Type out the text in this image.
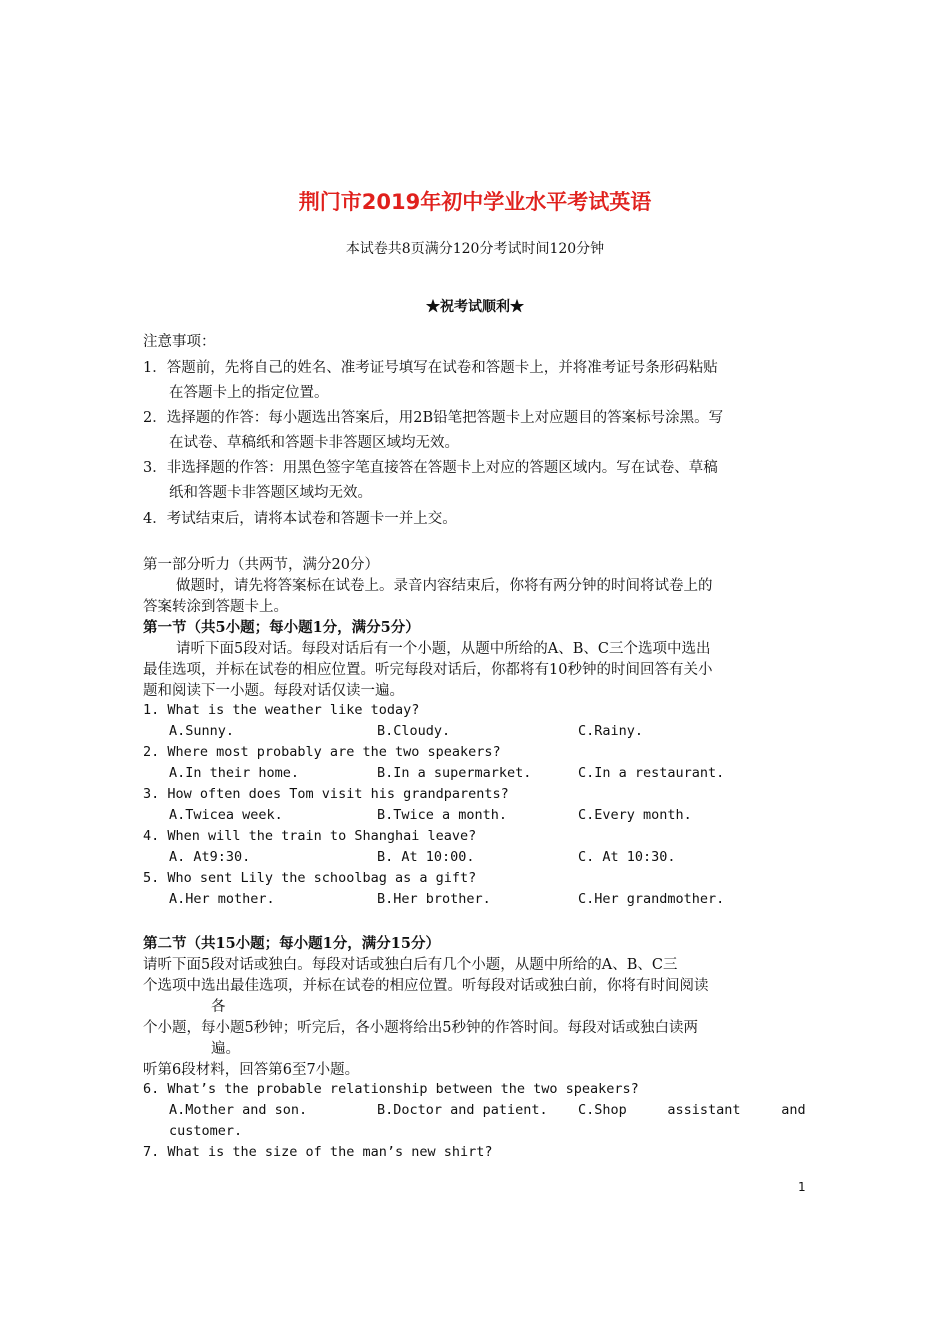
荆门市2019年初中学业水平考试英语
本试卷共8页满分120分考试时间120分钟
★祝考试顺利★
注意事项：
1．答题前，先将自己的姓名、准考证号填写在试卷和答题卡上，并将准考证号条形码粘贴
在答题卡上的指定位置。
2．选择题的作答：每小题选出答案后，用2B铅笔把答题卡上对应题目的答案标号涂黑。写
在试卷、草稿纸和答题卡非答题区域均无效。
3．非选择题的作答：用黑色签字笔直接答在答题卡上对应的答题区域内。写在试卷、草稿
纸和答题卡非答题区域均无效。
4．考试结束后，请将本试卷和答题卡一并上交。
第一部分听力（共两节，满分20分）
做题时，请先将答案标在试卷上。录音内容结束后，你将有两分钟的时间将试卷上的
答案转涂到答题卡上。
第一节（共5小题；每小题1分，满分5分）
请听下面5段对话。每段对话后有一个小题，从题中所给的A、B、C三个选项中选出
最佳选项，并标在试卷的相应位置。听完每段对话后，你都将有10秒钟的时间回答有关小
题和阅读下一小题。每段对话仅读一遍。
1. What is the weather like today?
A.Sunny.	B.Cloudy.	C.Rainy.
2. Where most probably are the two speakers?
A.In their home.	B.In a supermarket.	C.In a restaurant.
3. How often does Tom visit his grandparents?
A.Twicea week.	B.Twice a month.	C.Every month.
4. When will the train to Shanghai leave?
A. At9:30.	B. At 10:00.	C. At 10:30.
5. Who sent Lily the schoolbag as a gift?
A.Her mother.	B.Her brother.	C.Her grandmother.
第二节（共15小题；每小题1分，满分15分）
请听下面5段对话或独白。每段对话或独白后有几个小题，从题中所给的A、B、C三
个选项中选出最佳选项，并标在试卷的相应位置。听每段对话或独白前，你将有时间阅读
各
个小题，每小题5秒钟；听完后，各小题将给出5秒钟的作答时间。每段对话或独白读两
遍。
听第6段材料，回答第6至7小题。
6. What’s the probable relationship between the two speakers?
A.Mother and son.	B.Doctor and patient. C.Shop     assistant     and
customer.
7. What is the size of the man’s new shirt?
1
